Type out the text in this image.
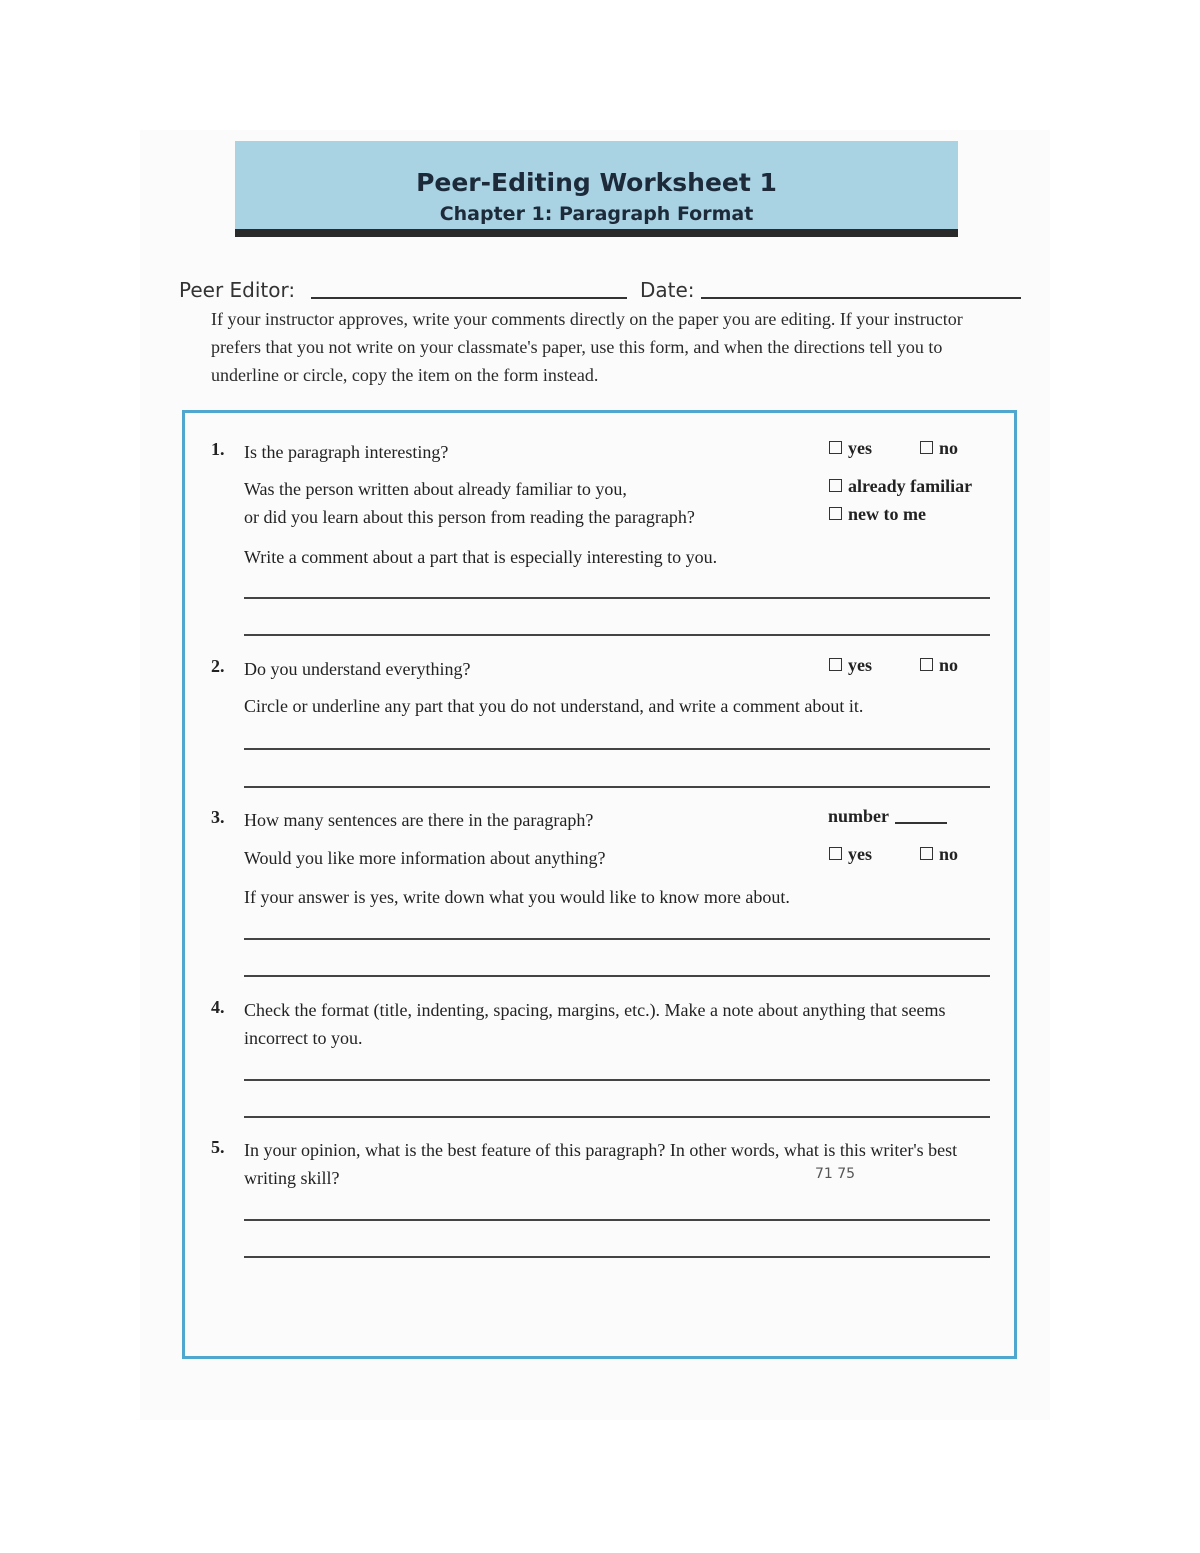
Peer-Editing Worksheet 1
Chapter 1: Paragraph Format
Peer Editor:	Date:
If your instructor approves, write your comments directly on the paper you are editing. If your instructor prefers that you not write on your classmate's paper, use this form, and when the directions tell you to underline or circle, copy the item on the form instead.
1. Is the paragraph interesting?	yes	no
Was the person written about already familiar to you,
or did you learn about this person from reading the paragraph?
already familiar
new to me
Write a comment about a part that is especially interesting to you.
2. Do you understand everything?	yes	no
Circle or underline any part that you do not understand, and write a comment about it.
3. How many sentences are there in the paragraph?	number
Would you like more information about anything?	yes	no
If your answer is yes, write down what you would like to know more about.
4. Check the format (title, indenting, spacing, margins, etc.). Make a note about anything that seems incorrect to you.
5. In your opinion, what is the best feature of this paragraph? In other words, what is this writer's best writing skill?	71 75
